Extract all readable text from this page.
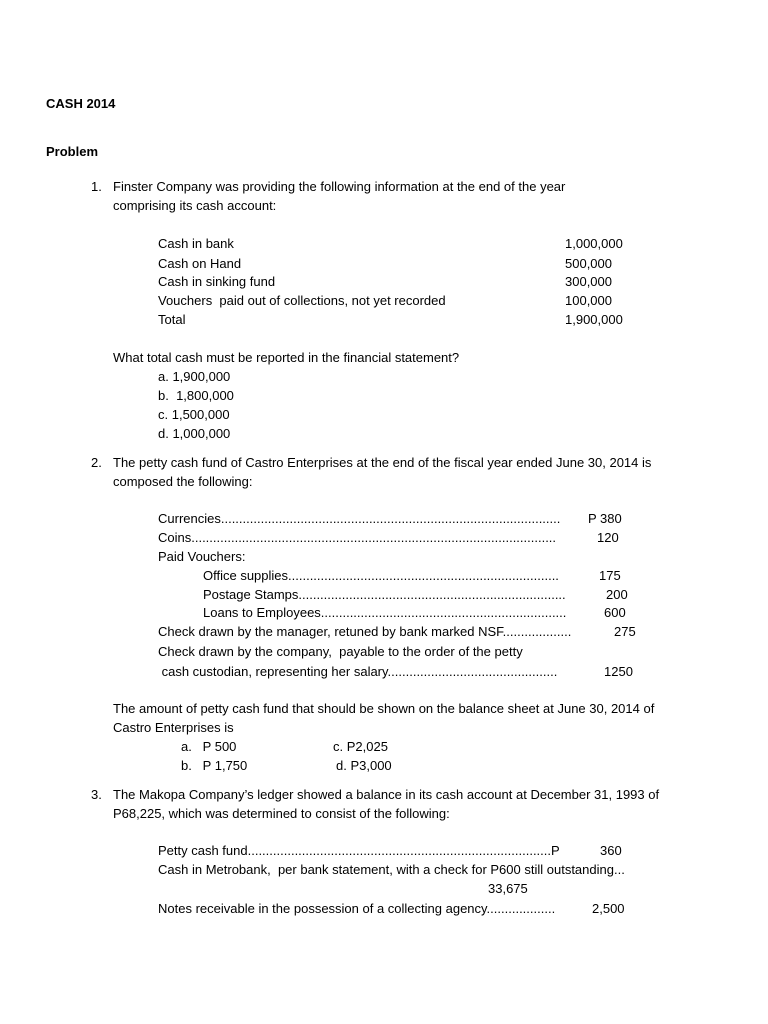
CASH 2014
Problem
1. Finster Company was providing the following information at the end of the year
comprising its cash account:
Cash in bank	1,000,000
Cash on Hand	500,000
Cash in sinking fund	300,000
Vouchers  paid out of collections, not yet recorded	100,000
Total	1,900,000
What total cash must be reported in the financial statement?
a. 1,900,000
b.  1,800,000
c. 1,500,000
d. 1,000,000
2. The petty cash fund of Castro Enterprises at the end of the fiscal year ended June 30, 2014 is
composed the following:
Currencies.............................................................................................. P 380
Coins.....................................................................................................	120
Paid Vouchers:
Office supplies...........................................................................	175
Postage Stamps..........................................................................	200
Loans to Employees....................................................................	600
Check drawn by the manager, retuned by bank marked NSF...................	275
Check drawn by the company,  payable to the order of the petty
cash custodian, representing her salary...............................................	1250
The amount of petty cash fund that should be shown on the balance sheet at June 30, 2014 of
Castro Enterprises is
a.   P 500	c. P2,025
b.   P 1,750	d. P3,000
3. The Makopa Company’s ledger showed a balance in its cash account at December 31, 1993 of
P68,225, which was determined to consist of the following:
Petty cash fund....................................................................................P	360
Cash in Metrobank,  per bank statement, with a check for P600 still outstanding...
33,675
Notes receivable in the possession of a collecting agency...................	2,500
